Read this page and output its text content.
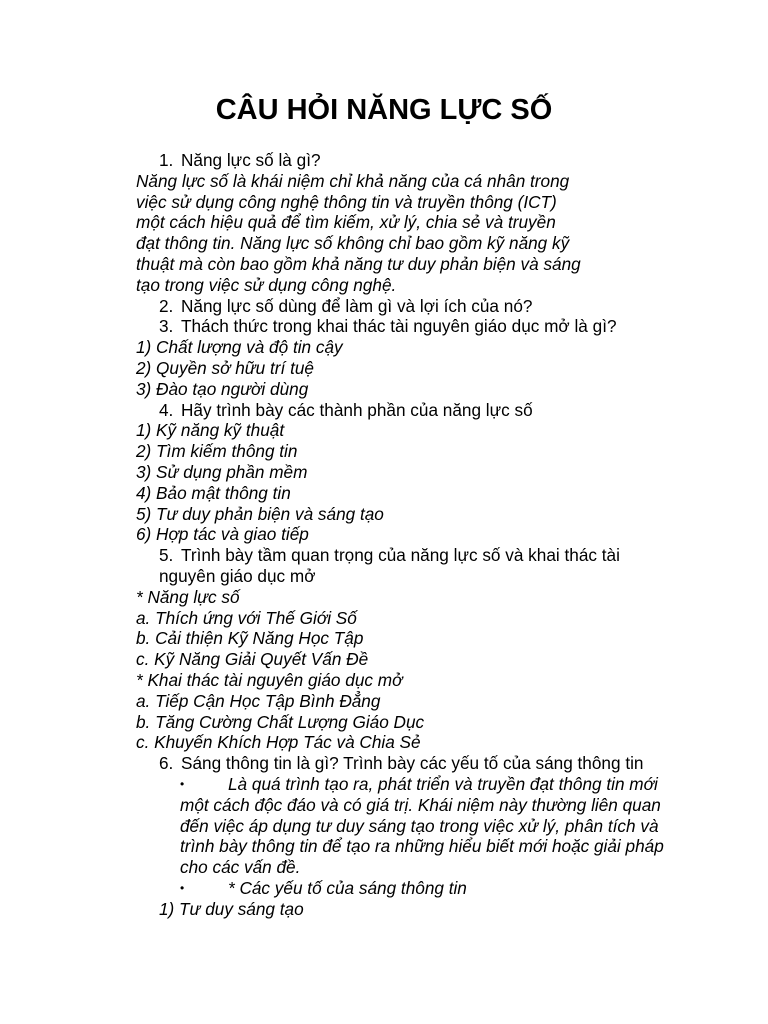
CÂU HỎI NĂNG LỰC SỐ
1. Năng lực số là gì?
Năng lực số là khái niệm chỉ khả năng của cá nhân trong
việc sử dụng công nghệ thông tin và truyền thông (ICT)
một cách hiệu quả để tìm kiếm, xử lý, chia sẻ và truyền
đạt thông tin. Năng lực số không chỉ bao gồm kỹ năng kỹ
thuật mà còn bao gồm khả năng tư duy phản biện và sáng
tạo trong việc sử dụng công nghệ.
2. Năng lực số dùng để làm gì và lợi ích của nó?
3. Thách thức trong khai thác tài nguyên giáo dục mở là gì?
1) Chất lượng và độ tin cậy
2) Quyền sở hữu trí tuệ
3) Đào tạo người dùng
4. Hãy trình bày các thành phần của năng lực số
1) Kỹ năng kỹ thuật
2) Tìm kiếm thông tin
3) Sử dụng phần mềm
4) Bảo mật thông tin
5) Tư duy phản biện và sáng tạo
6) Hợp tác và giao tiếp
5. Trình bày tầm quan trọng của năng lực số và khai thác tài
nguyên giáo dục mở
* Năng lực số
a. Thích ứng với Thế Giới Số
b. Cải thiện Kỹ Năng Học Tập
c. Kỹ Năng Giải Quyết Vấn Đề
* Khai thác tài nguyên giáo dục mở
a. Tiếp Cận Học Tập Bình Đẳng
b. Tăng Cường Chất Lượng Giáo Dục
c. Khuyến Khích Hợp Tác và Chia Sẻ
6. Sáng thông tin là gì? Trình bày các yếu tố của sáng thông tin
•	Là quá trình tạo ra, phát triển và truyền đạt thông tin mới
một cách độc đáo và có giá trị. Khái niệm này thường liên quan
đến việc áp dụng tư duy sáng tạo trong việc xử lý, phân tích và
trình bày thông tin để tạo ra những hiểu biết mới hoặc giải pháp
cho các vấn đề.
•	* Các yếu tố của sáng thông tin
1) Tư duy sáng tạo
